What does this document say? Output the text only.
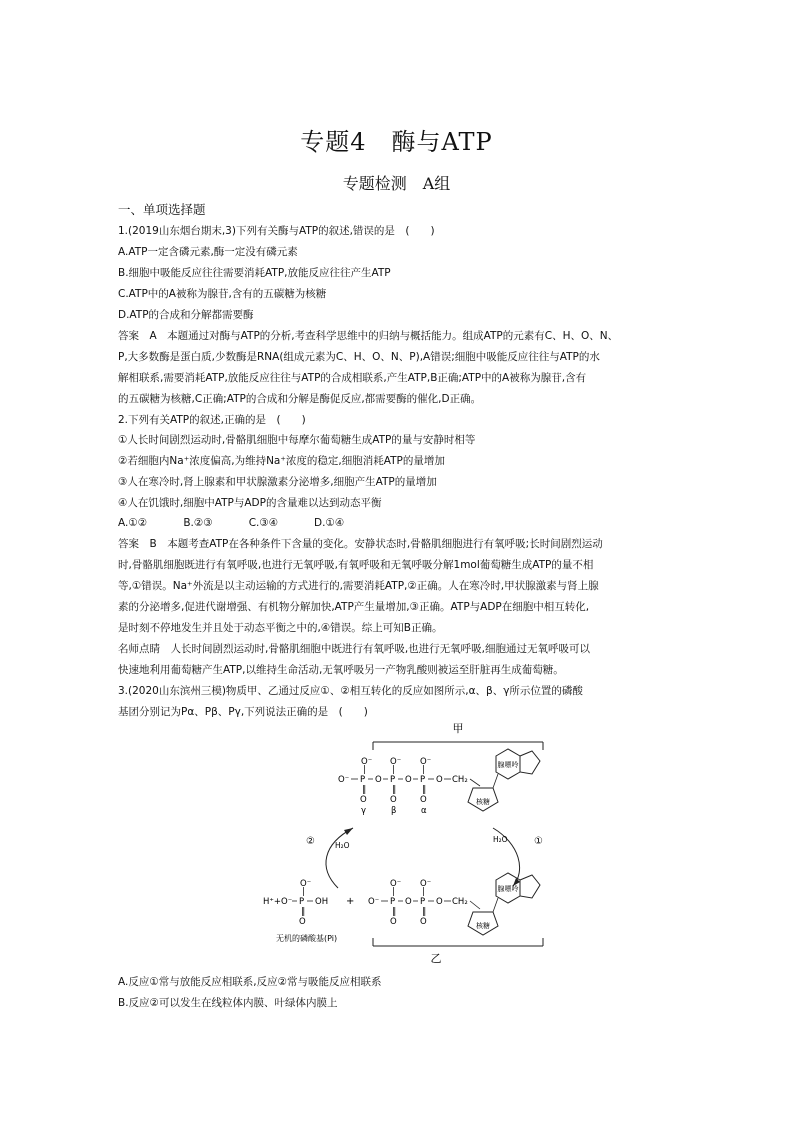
专题4　酶与ATP
专题检测　A组
一、单项选择题
1.(2019山东烟台期末,3)下列有关酶与ATP的叙述,错误的是　(　　)
A.ATP一定含磷元素,酶一定没有磷元素
B.细胞中吸能反应往往需要消耗ATP,放能反应往往产生ATP
C.ATP中的A被称为腺苷,含有的五碳糖为核糖
D.ATP的合成和分解都需要酶
答案　A　本题通过对酶与ATP的分析,考查科学思维中的归纳与概括能力。组成ATP的元素有C、H、O、N、
P,大多数酶是蛋白质,少数酶是RNA(组成元素为C、H、O、N、P),A错误;细胞中吸能反应往往与ATP的水
解相联系,需要消耗ATP,放能反应往往与ATP的合成相联系,产生ATP,B正确;ATP中的A被称为腺苷,含有
的五碳糖为核糖,C正确;ATP的合成和分解是酶促反应,都需要酶的催化,D正确。
2.下列有关ATP的叙述,正确的是　(　　)
①人长时间剧烈运动时,骨骼肌细胞中每摩尔葡萄糖生成ATP的量与安静时相等
②若细胞内Na⁺浓度偏高,为维持Na⁺浓度的稳定,细胞消耗ATP的量增加
③人在寒冷时,肾上腺素和甲状腺激素分泌增多,细胞产生ATP的量增加
④人在饥饿时,细胞中ATP与ADP的含量难以达到动态平衡
A.①②	B.②③	C.③④	D.①④
答案　B　本题考查ATP在各种条件下含量的变化。安静状态时,骨骼肌细胞进行有氧呼吸;长时间剧烈运动
时,骨骼肌细胞既进行有氧呼吸,也进行无氧呼吸,有氧呼吸和无氧呼吸分解1mol葡萄糖生成ATP的量不相
等,①错误。Na⁺外流是以主动运输的方式进行的,需要消耗ATP,②正确。人在寒冷时,甲状腺激素与肾上腺
素的分泌增多,促进代谢增强、有机物分解加快,ATP产生量增加,③正确。ATP与ADP在细胞中相互转化,
是时刻不停地发生并且处于动态平衡之中的,④错误。综上可知B正确。
名师点睛　人长时间剧烈运动时,骨骼肌细胞中既进行有氧呼吸,也进行无氧呼吸,细胞通过无氧呼吸可以
快速地利用葡萄糖产生ATP,以维持生命活动,无氧呼吸另一产物乳酸则被运至肝脏再生成葡萄糖。
3.(2020山东滨州三模)物质甲、乙通过反应①、②相互转化的反应如图所示,α、β、γ所示位置的磷酸
基团分别记为Pα、Pβ、Pγ,下列说法正确的是　(　　)
甲
O⁻ O⁻ O⁻
|	|	|
O⁻ P O P O P O CH₂
‖	‖	‖
O	O	O
γ	β	α
核糖
腺嘌呤
①
H₂O
②	H₂O
O⁻
|
H⁺+O⁻ P OH
‖
O
无机的磷酸基(Pi)
+
O⁻ O⁻
|	|
O⁻ P O P O CH₂
‖	‖
O	O	核糖
腺嘌呤
乙
A.反应①常与放能反应相联系,反应②常与吸能反应相联系
B.反应②可以发生在线粒体内膜、叶绿体内膜上
